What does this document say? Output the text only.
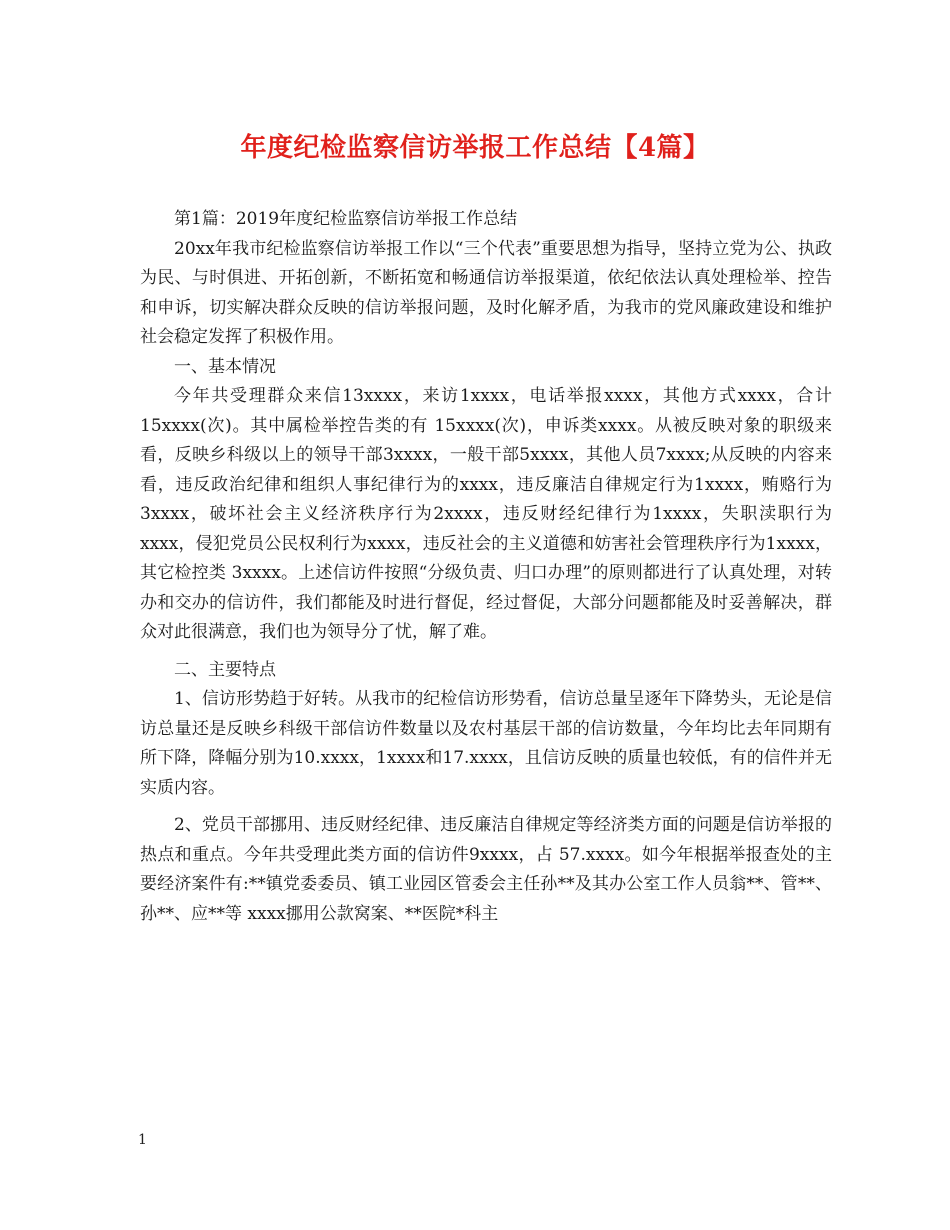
年度纪检监察信访举报工作总结【4篇】

第1篇：2019年度纪检监察信访举报工作总结

20xx年我市纪检监察信访举报工作以“三个代表”重要思想为指导，坚持立党为公、执政为民、与时俱进、开拓创新，不断拓宽和畅通信访举报渠道，依纪依法认真处理检举、控告和申诉，切实解决群众反映的信访举报问题，及时化解矛盾，为我市的党风廉政建设和维护社会稳定发挥了积极作用。

一、基本情况

今年共受理群众来信13xxxx，来访1xxxx，电话举报xxxx，其他方式xxxx，合计15xxxx(次)。其中属检举控告类的有 15xxxx(次)，申诉类xxxx。从被反映对象的职级来看，反映乡科级以上的领导干部3xxxx，一般干部5xxxx，其他人员7xxxx;从反映的内容来看，违反政治纪律和组织人事纪律行为的xxxx，违反廉洁自律规定行为1xxxx，贿赂行为3xxxx，破坏社会主义经济秩序行为2xxxx，违反财经纪律行为1xxxx，失职渎职行为xxxx，侵犯党员公民权利行为xxxx，违反社会的主义道德和妨害社会管理秩序行为1xxxx，其它检控类 3xxxx。上述信访件按照“分级负责、归口办理”的原则都进行了认真处理，对转办和交办的信访件，我们都能及时进行督促，经过督促，大部分问题都能及时妥善解决，群众对此很满意，我们也为领导分了忧，解了难。

二、主要特点

1、信访形势趋于好转。从我市的纪检信访形势看，信访总量呈逐年下降势头，无论是信访总量还是反映乡科级干部信访件数量以及农村基层干部的信访数量，今年均比去年同期有所下降，降幅分别为10.xxxx，1xxxx和17.xxxx，且信访反映的质量也较低，有的信件并无实质内容。

2、党员干部挪用、违反财经纪律、违反廉洁自律规定等经济类方面的问题是信访举报的热点和重点。今年共受理此类方面的信访件9xxxx，占 57.xxxx。如今年根据举报查处的主要经济案件有:**镇党委委员、镇工业园区管委会主任孙**及其办公室工作人员翁**、管**、孙**、应**等 xxxx挪用公款窝案、**医院*科主

1
